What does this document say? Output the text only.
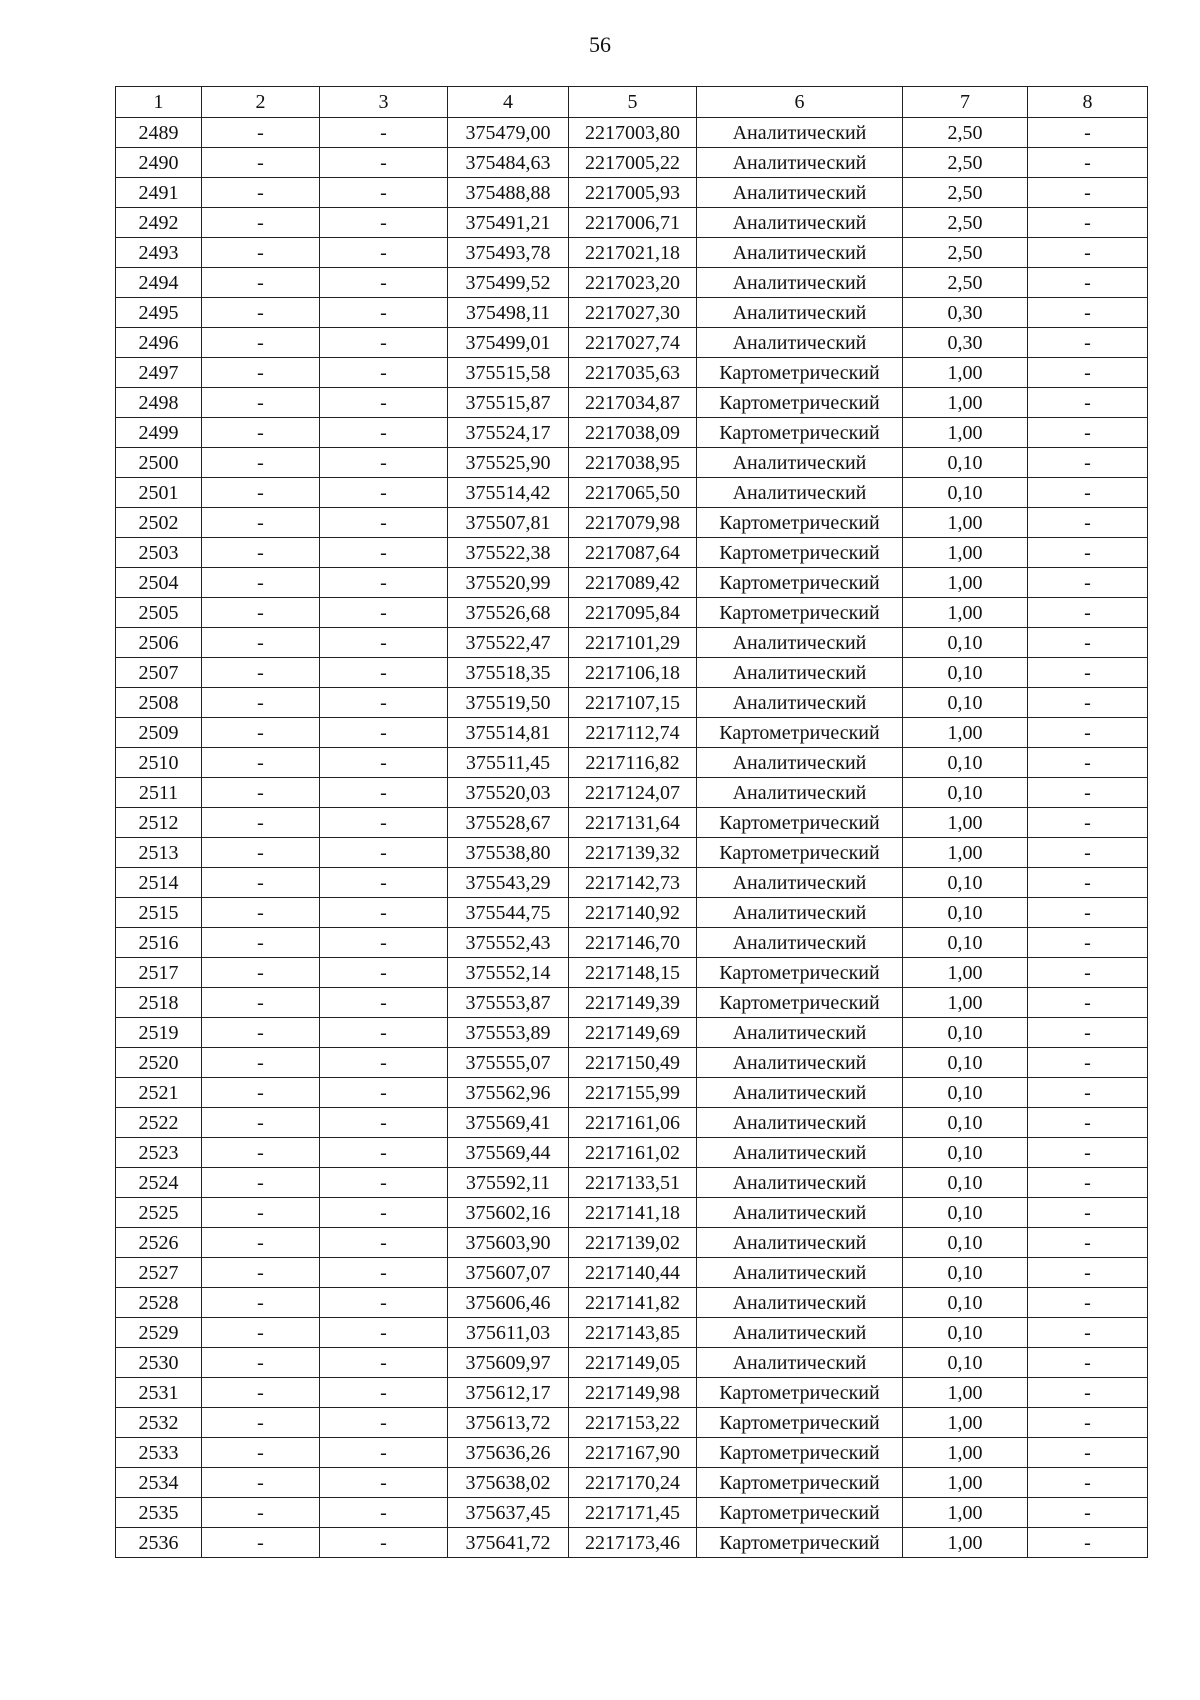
56
1	2	3	4	5	6	7	8
2489	-	-	375479,00	2217003,80	Аналитический	2,50	-
2490	-	-	375484,63	2217005,22	Аналитический	2,50	-
2491	-	-	375488,88	2217005,93	Аналитический	2,50	-
2492	-	-	375491,21	2217006,71	Аналитический	2,50	-
2493	-	-	375493,78	2217021,18	Аналитический	2,50	-
2494	-	-	375499,52	2217023,20	Аналитический	2,50	-
2495	-	-	375498,11	2217027,30	Аналитический	0,30	-
2496	-	-	375499,01	2217027,74	Аналитический	0,30	-
2497	-	-	375515,58	2217035,63	Картометрический	1,00	-
2498	-	-	375515,87	2217034,87	Картометрический	1,00	-
2499	-	-	375524,17	2217038,09	Картометрический	1,00	-
2500	-	-	375525,90	2217038,95	Аналитический	0,10	-
2501	-	-	375514,42	2217065,50	Аналитический	0,10	-
2502	-	-	375507,81	2217079,98	Картометрический	1,00	-
2503	-	-	375522,38	2217087,64	Картометрический	1,00	-
2504	-	-	375520,99	2217089,42	Картометрический	1,00	-
2505	-	-	375526,68	2217095,84	Картометрический	1,00	-
2506	-	-	375522,47	2217101,29	Аналитический	0,10	-
2507	-	-	375518,35	2217106,18	Аналитический	0,10	-
2508	-	-	375519,50	2217107,15	Аналитический	0,10	-
2509	-	-	375514,81	2217112,74	Картометрический	1,00	-
2510	-	-	375511,45	2217116,82	Аналитический	0,10	-
2511	-	-	375520,03	2217124,07	Аналитический	0,10	-
2512	-	-	375528,67	2217131,64	Картометрический	1,00	-
2513	-	-	375538,80	2217139,32	Картометрический	1,00	-
2514	-	-	375543,29	2217142,73	Аналитический	0,10	-
2515	-	-	375544,75	2217140,92	Аналитический	0,10	-
2516	-	-	375552,43	2217146,70	Аналитический	0,10	-
2517	-	-	375552,14	2217148,15	Картометрический	1,00	-
2518	-	-	375553,87	2217149,39	Картометрический	1,00	-
2519	-	-	375553,89	2217149,69	Аналитический	0,10	-
2520	-	-	375555,07	2217150,49	Аналитический	0,10	-
2521	-	-	375562,96	2217155,99	Аналитический	0,10	-
2522	-	-	375569,41	2217161,06	Аналитический	0,10	-
2523	-	-	375569,44	2217161,02	Аналитический	0,10	-
2524	-	-	375592,11	2217133,51	Аналитический	0,10	-
2525	-	-	375602,16	2217141,18	Аналитический	0,10	-
2526	-	-	375603,90	2217139,02	Аналитический	0,10	-
2527	-	-	375607,07	2217140,44	Аналитический	0,10	-
2528	-	-	375606,46	2217141,82	Аналитический	0,10	-
2529	-	-	375611,03	2217143,85	Аналитический	0,10	-
2530	-	-	375609,97	2217149,05	Аналитический	0,10	-
2531	-	-	375612,17	2217149,98	Картометрический	1,00	-
2532	-	-	375613,72	2217153,22	Картометрический	1,00	-
2533	-	-	375636,26	2217167,90	Картометрический	1,00	-
2534	-	-	375638,02	2217170,24	Картометрический	1,00	-
2535	-	-	375637,45	2217171,45	Картометрический	1,00	-
2536	-	-	375641,72	2217173,46	Картометрический	1,00	-
